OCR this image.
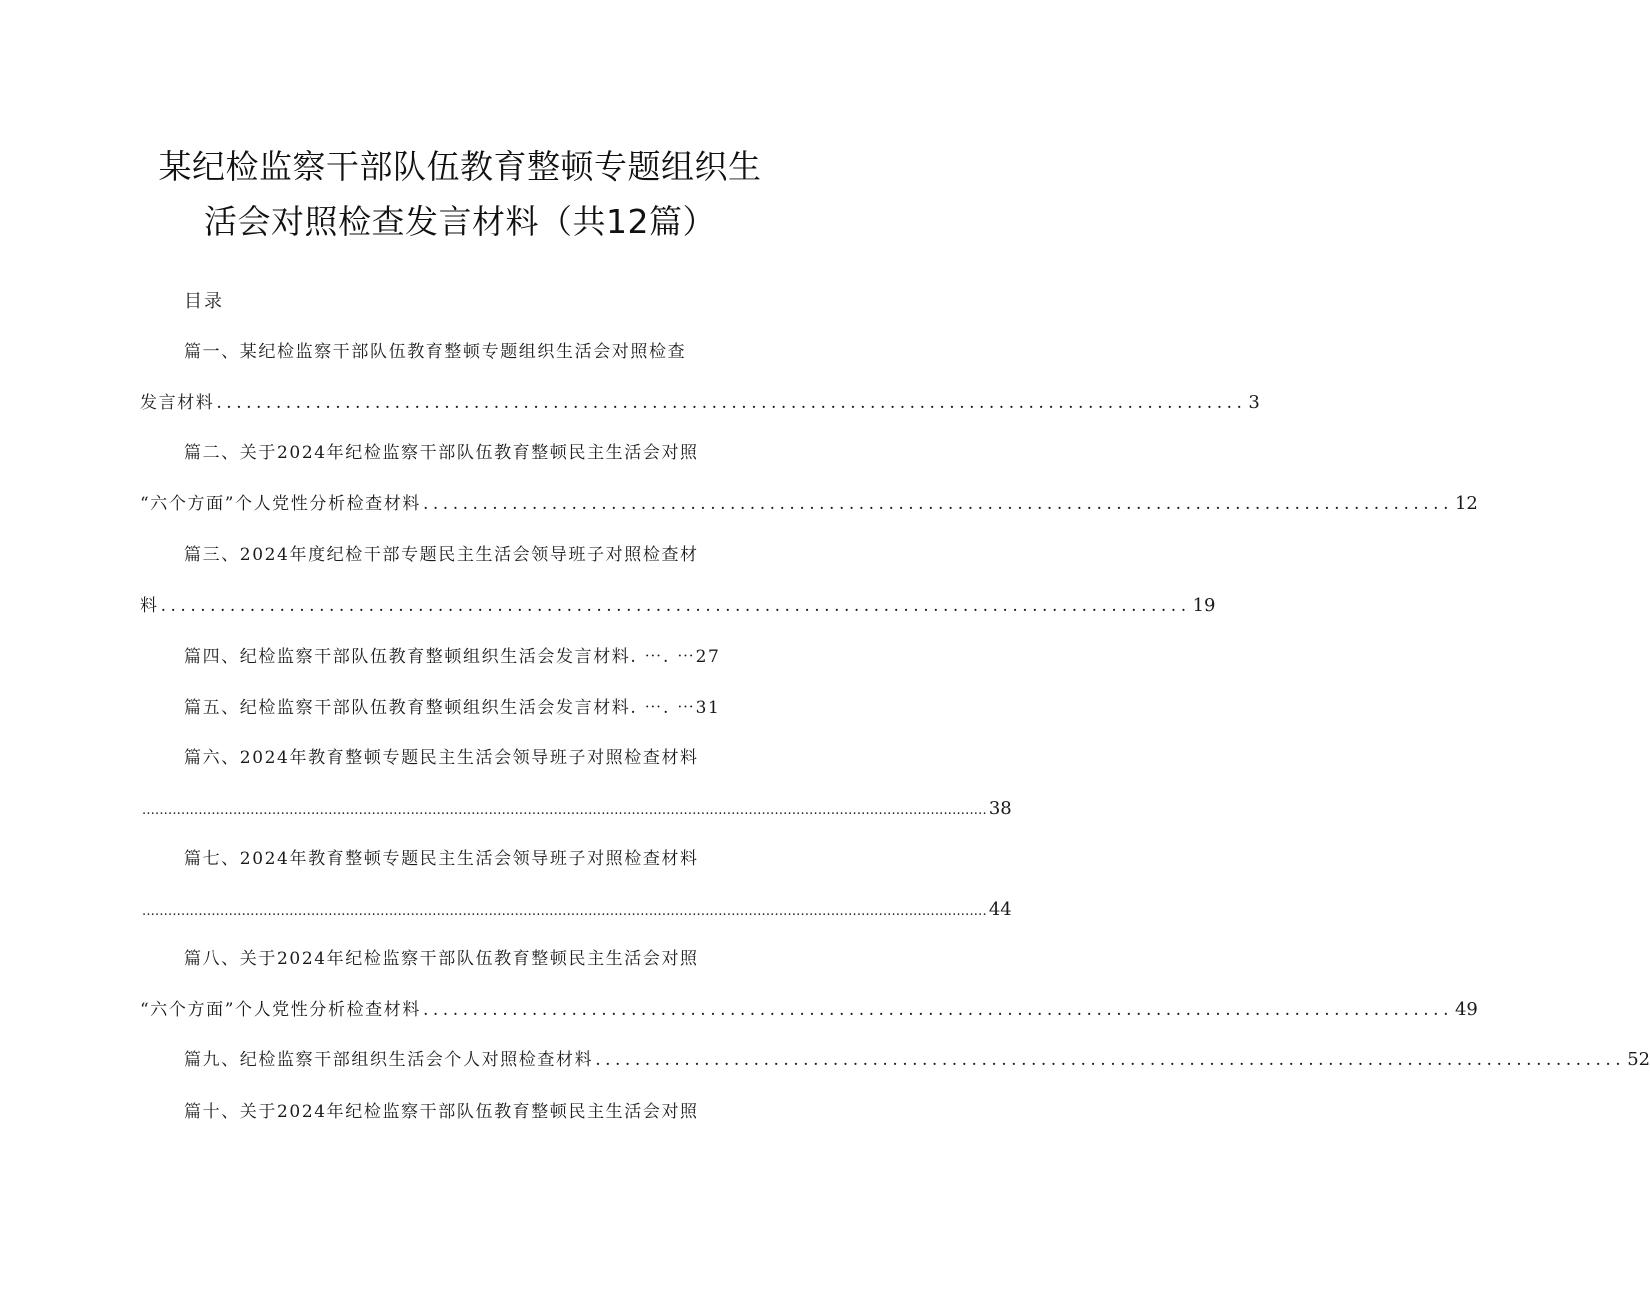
某纪检监察干部队伍教育整顿专题组织生
活会对照检查发言材料（共12篇）
目录
篇一、某纪检监察干部队伍教育整顿专题组织生活会对照检查
发言材料 ........................................................................................................ 3
篇二、关于2024年纪检监察干部队伍教育整顿民主生活会对照
“六个方面”个人党性分析检查材料 ........................................................................................................ 12
篇三、2024年度纪检干部专题民主生活会领导班子对照检查材
料 ........................................................................................................ 19
篇四、纪检监察干部队伍教育整顿组织生活会发言材料. ⋯. ⋯27
篇五、纪检监察干部队伍教育整顿组织生活会发言材料. ⋯. ⋯31
篇六、2024年教育整顿专题民主生活会领导班子对照检查材料
................................................................................................................................................................................................... 38
篇七、2024年教育整顿专题民主生活会领导班子对照检查材料
................................................................................................................................................................................................... 44
篇八、关于2024年纪检监察干部队伍教育整顿民主生活会对照
“六个方面”个人党性分析检查材料 ........................................................................................................ 49
篇九、纪检监察干部组织生活会个人对照检查材料 ........................................................................................................ 52
篇十、关于2024年纪检监察干部队伍教育整顿民主生活会对照
